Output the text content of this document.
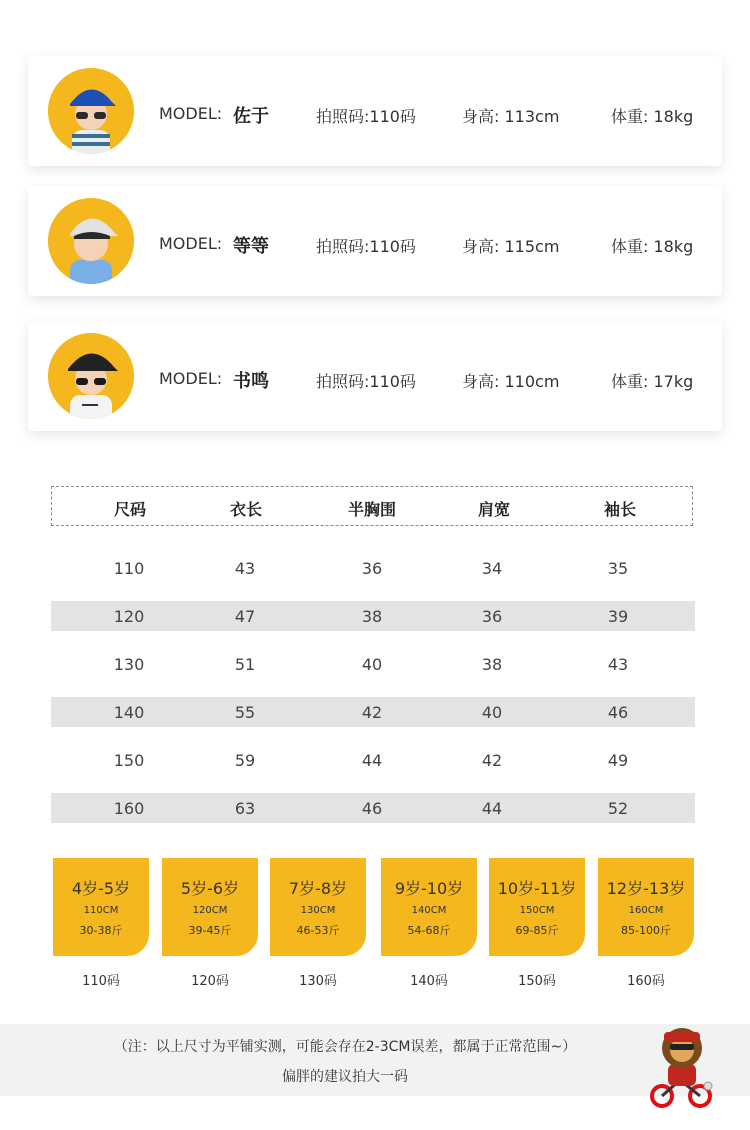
MODEL: 佐于	拍照码:110码	身高: 113cm	体重: 18kg
MODEL: 等等	拍照码:110码	身高: 115cm	体重: 18kg
MODEL: 书鸣	拍照码:110码	身高: 110cm	体重: 17kg
尺码	衣长	半胸围	肩宽	袖长
110	43	36	34	35
120	47	38	36	39
130	51	40	38	43
140	55	42	40	46
150	59	44	42	49
160	63	46	44	52
4岁-5岁
110CM
30-38斤
110码
5岁-6岁
120CM
39-45斤
120码
7岁-8岁
130CM
46-53斤
130码
9岁-10岁
140CM
54-68斤
140码
10岁-11岁
150CM
69-85斤
150码
12岁-13岁
160CM
85-100斤
160码
（注：以上尺寸为平铺实测，可能会存在2-3CM误差，都属于正常范围~）
偏胖的建议拍大一码
